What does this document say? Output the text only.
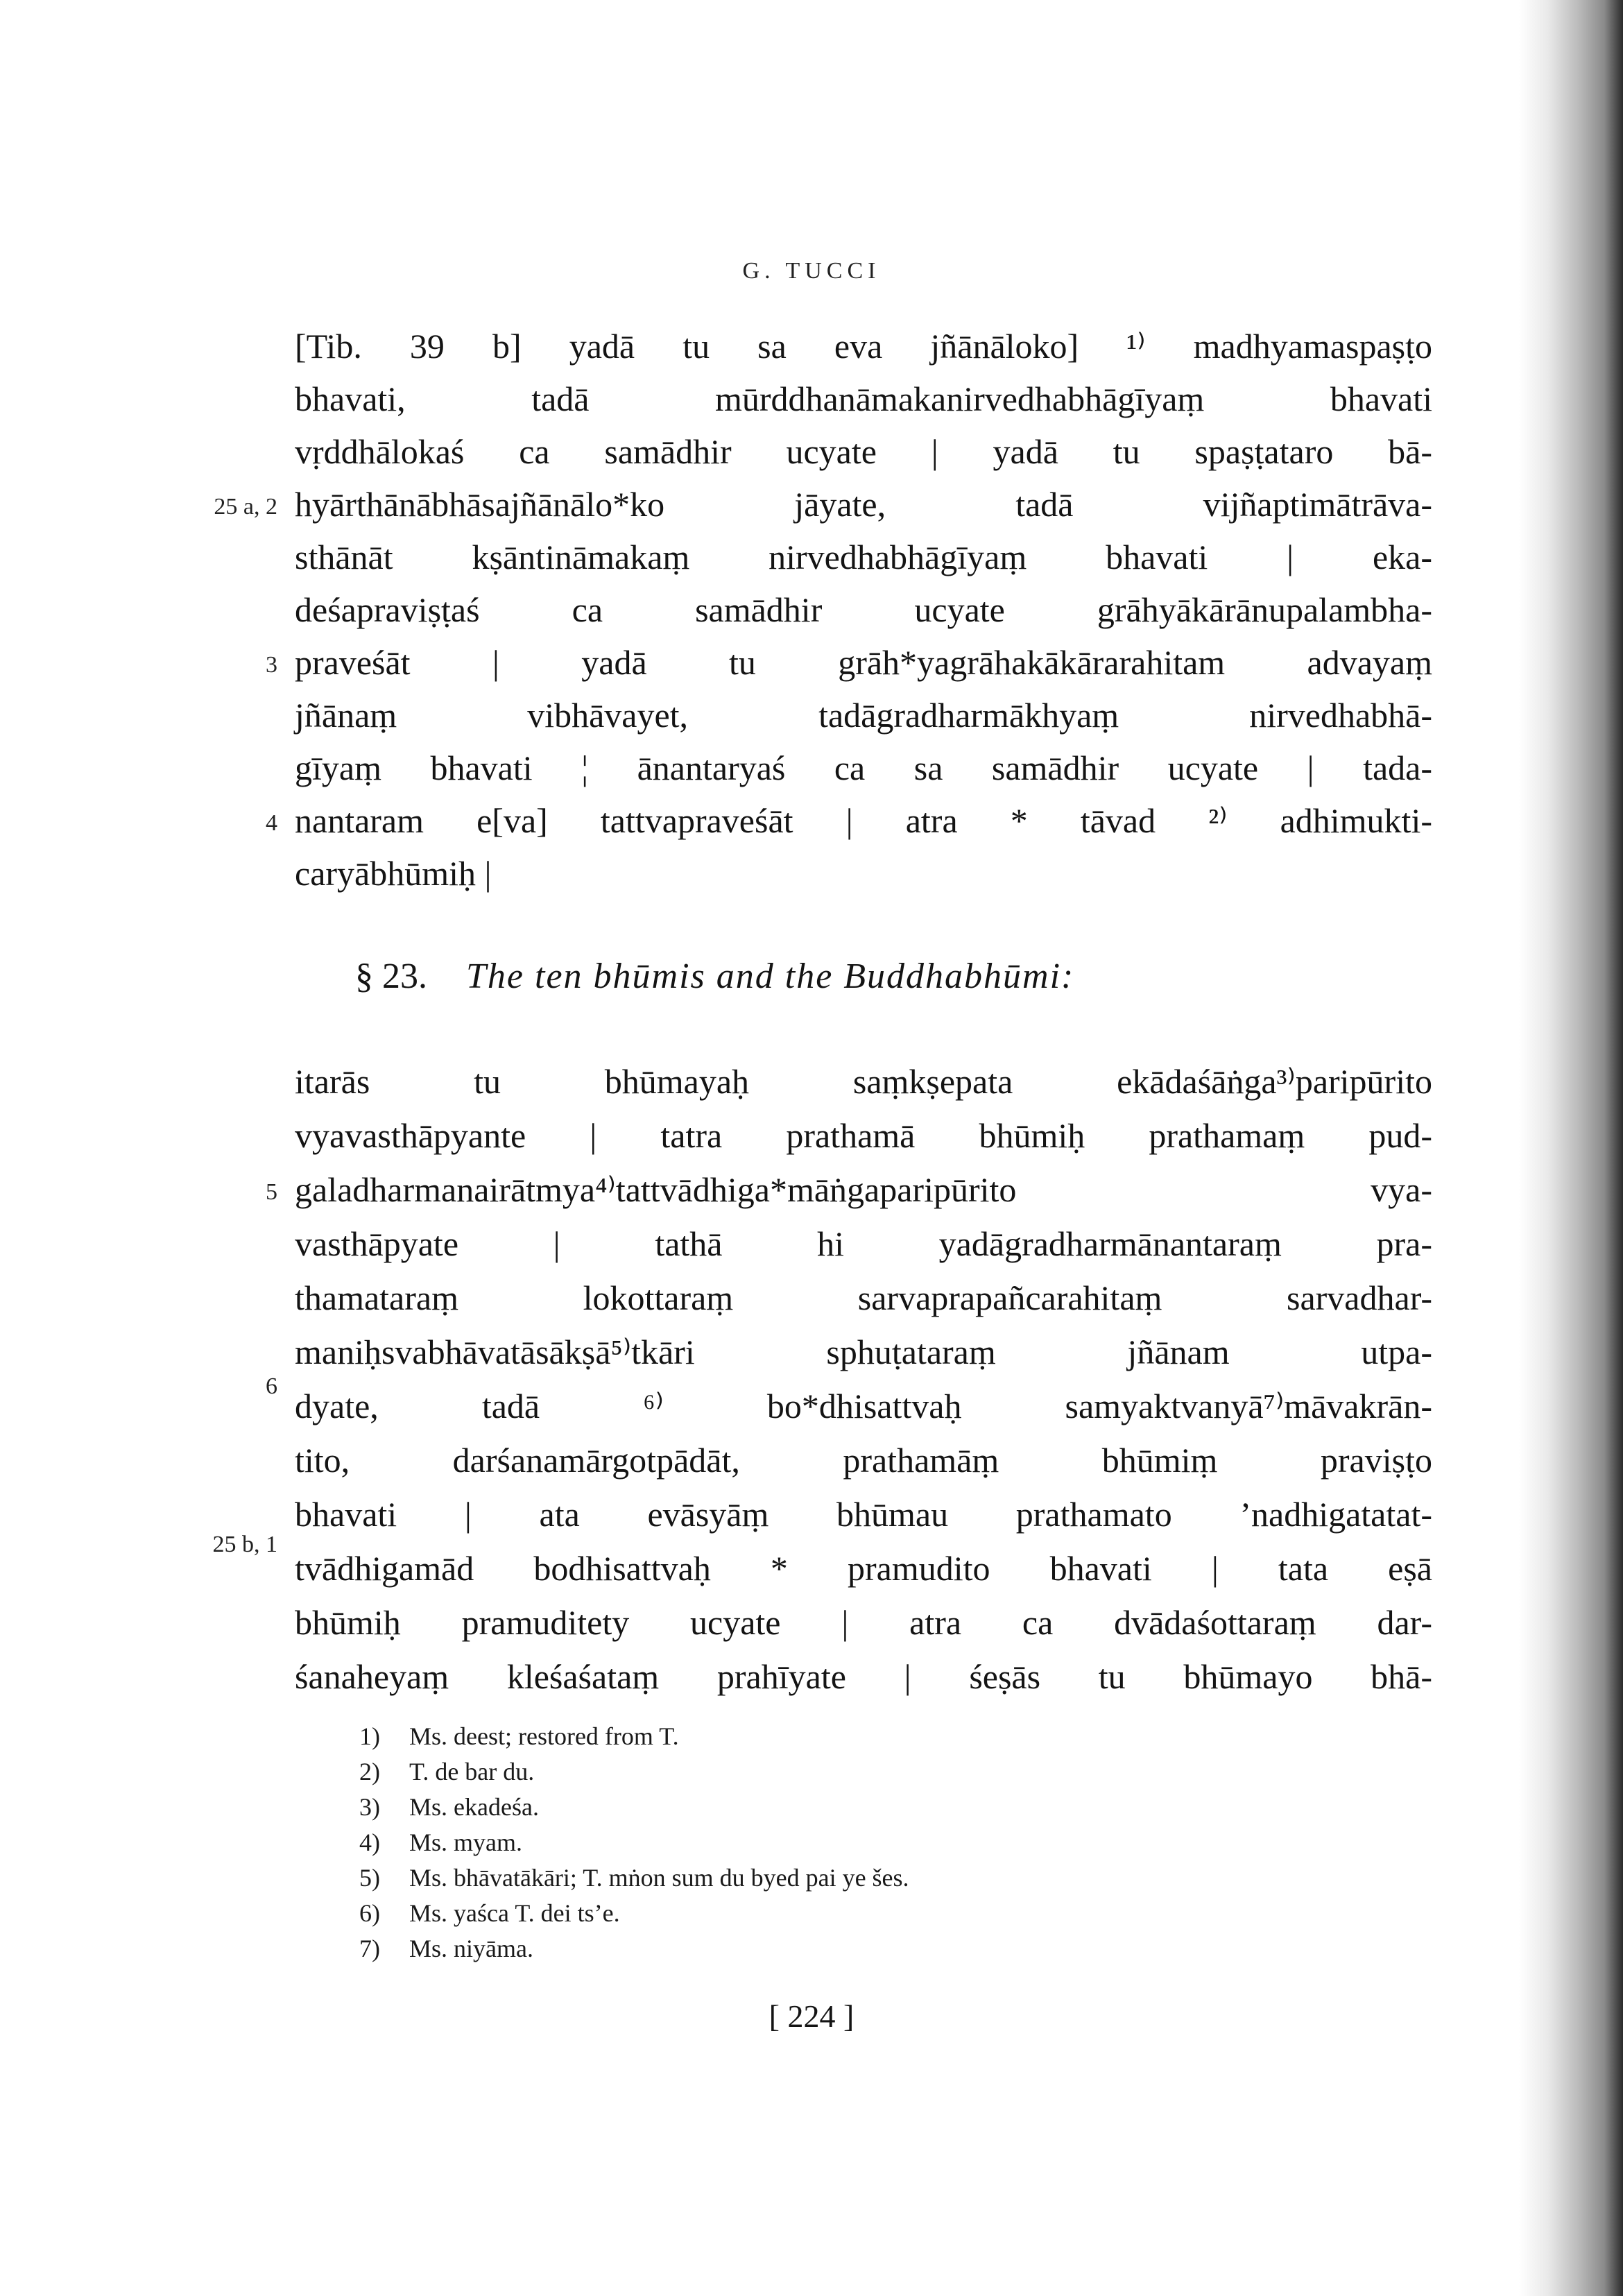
G. TUCCI
[Tib. 39 b] yadā tu sa eva jñānāloko] ¹⁾ madhyamaspaṣṭo
bhavati, tadā mūrddhanāmakanirvedhabhāgīyaṃ bhavati
vṛddhālokaś ca samādhir ucyate | yadā tu spaṣṭataro bā-
hyārthānābhāsajñānālo*ko jāyate, tadā vijñaptimātrāva-
sthānāt kṣāntināmakaṃ nirvedhabhāgīyaṃ bhavati | eka-
deśapraviṣṭaś ca samādhir ucyate grāhyākārānupalambha-
praveśāt | yadā tu grāh*yagrāhakākārarahitam advayaṃ
jñānaṃ vibhāvayet, tadāgradharmākhyaṃ nirvedhabhā-
gīyaṃ bhavati ¦ ānantaryaś ca sa samādhir ucyate | tada-
nantaram e[va] tattvapraveśāt | atra * tāvad ²⁾ adhimukti-
caryābhūmiḥ |
25 a, 2
3
4
5
6
25 b, 1
§ 23. The ten bhūmis and the Buddhabhūmi:
itarās tu bhūmayaḥ saṃkṣepata ekādaśāṅga³⁾paripūrito
vyavasthāpyante | tatra prathamā bhūmiḥ prathamaṃ pud-
galadharmanairātmya⁴⁾tattvādhiga*māṅgaparipūrito vya-
vasthāpyate | tathā hi yadāgradharmānantaraṃ pra-
thamataraṃ lokottaraṃ sarvaprapañcarahitaṃ sarvadhar-
maniḥsvabhāvatāsākṣā⁵⁾tkāri sphuṭataraṃ jñānam utpa-
dyate, tadā ⁶⁾ bo*dhisattvaḥ samyaktvanyā⁷⁾māvakrān-
tito, darśanamārgotpādāt, prathamāṃ bhūmiṃ praviṣṭo
bhavati | ata evāsyāṃ bhūmau prathamato ’nadhigatatat-
tvādhigamād bodhisattvaḥ * pramudito bhavati | tata eṣā
bhūmiḥ pramuditety ucyate | atra ca dvādaśottaraṃ dar-
śanaheyaṃ kleśaśataṃ prahīyate | śeṣās tu bhūmayo bhā-
1) Ms. deest; restored from T.
2) T. de bar du.
3) Ms. ekadeśa.
4) Ms. myam.
5) Ms. bhāvatākāri; T. mṅon sum du byed pai ye šes.
6) Ms. yaśca T. dei ts’e.
7) Ms. niyāma.
[ 224 ]
